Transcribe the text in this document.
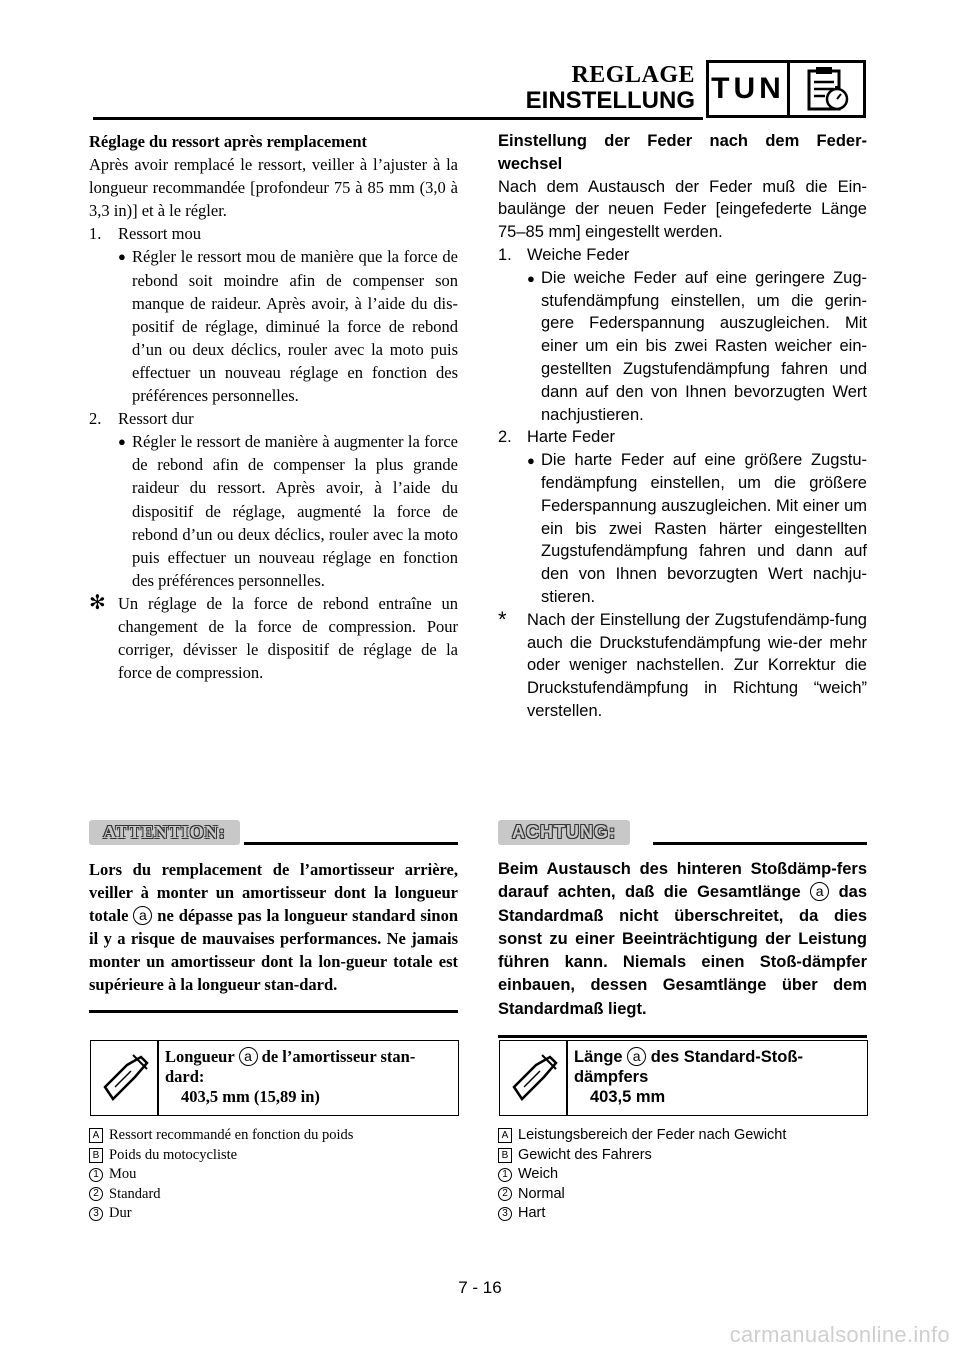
REGLAGE
EINSTELLUNG TUN

Réglage du ressort après remplacement

Après avoir remplacé le ressort, veiller à l’ajuster à la longueur recommandée [profondeur 75 à 85 mm (3,0 à 3,3 in)] et à le régler.

1.	Ressort mou
● Régler le ressort mou de manière que la force de rebond soit moindre afin de compenser son manque de raideur. Après avoir, à l’aide du dis-positif de réglage, diminué la force de rebond d’un ou deux déclics, rouler avec la moto puis effectuer un nouveau réglage en fonction des préférences personnelles.
2.	Ressort dur
● Régler le ressort de manière à augmenter la force de rebond afin de compenser la plus grande raideur du ressort. Après avoir, à l’aide du dispositif de réglage, augmenté la force de rebond d’un ou deux déclics, rouler avec la moto puis effectuer un nouveau réglage en fonction des préférences personnelles.
✻ Un réglage de la force de rebond entraîne un changement de la force de compression. Pour corriger, dévisser le dispositif de réglage de la force de compression.

Einstellung der Feder nach dem Feder-wechsel

Nach dem Austausch der Feder muß die Ein-baulänge der neuen Feder [eingefederte Länge 75–85 mm] eingestellt werden.

1. Weiche Feder
● Die weiche Feder auf eine geringere Zug-stufendämpfung einstellen, um die gerin-gere Federspannung auszugleichen. Mit einer um ein bis zwei Rasten weicher ein-gestellten Zugstufendämpfung fahren und dann auf den von Ihnen bevorzugten Wert nachjustieren.
2. Harte Feder
● Die harte Feder auf eine größere Zugstu-fendämpfung einstellen, um die größere Federspannung auszugleichen. Mit einer um ein bis zwei Rasten härter eingestellten Zugstufendämpfung fahren und dann auf den von Ihnen bevorzugten Wert nachju-stieren.
*	Nach der Einstellung der Zugstufendämp-fung auch die Druckstufendämpfung wie-der mehr oder weniger nachstellen. Zur Korrektur die Druckstufendämpfung in Richtung “weich” verstellen.
ATTENTION:
Lors du remplacement de l’amortisseur arrière, veiller à monter un amortisseur dont la longueur totale a ne dépasse pas la longueur standard sinon il y a risque de mauvaises performances. Ne jamais monter un amortisseur dont la lon-gueur totale est supérieure à la longueur stan-dard.
ACHTUNG:
Beim Austausch des hinteren Stoßdämp-fers darauf achten, daß die Gesamtlänge a das Standardmaß nicht überschreitet, da dies sonst zu einer Beeinträchtigung der Leistung führen kann. Niemals einen Stoß-dämpfer einbauen, dessen Gesamtlänge über dem Standardmaß liegt.
Longueur a de l’amortisseur stan-dard:
403,5 mm (15,89 in)
Länge a des Standard-Stoß-dämpfers
403,5 mm
A Ressort recommandé en fonction du poids
B Poids du motocycliste
1 Mou
2 Standard
3 Dur
A Leistungsbereich der Feder nach Gewicht
B Gewicht des Fahrers
1 Weich
2 Normal
3 Hart
7 - 16
carmanualsonline.info
